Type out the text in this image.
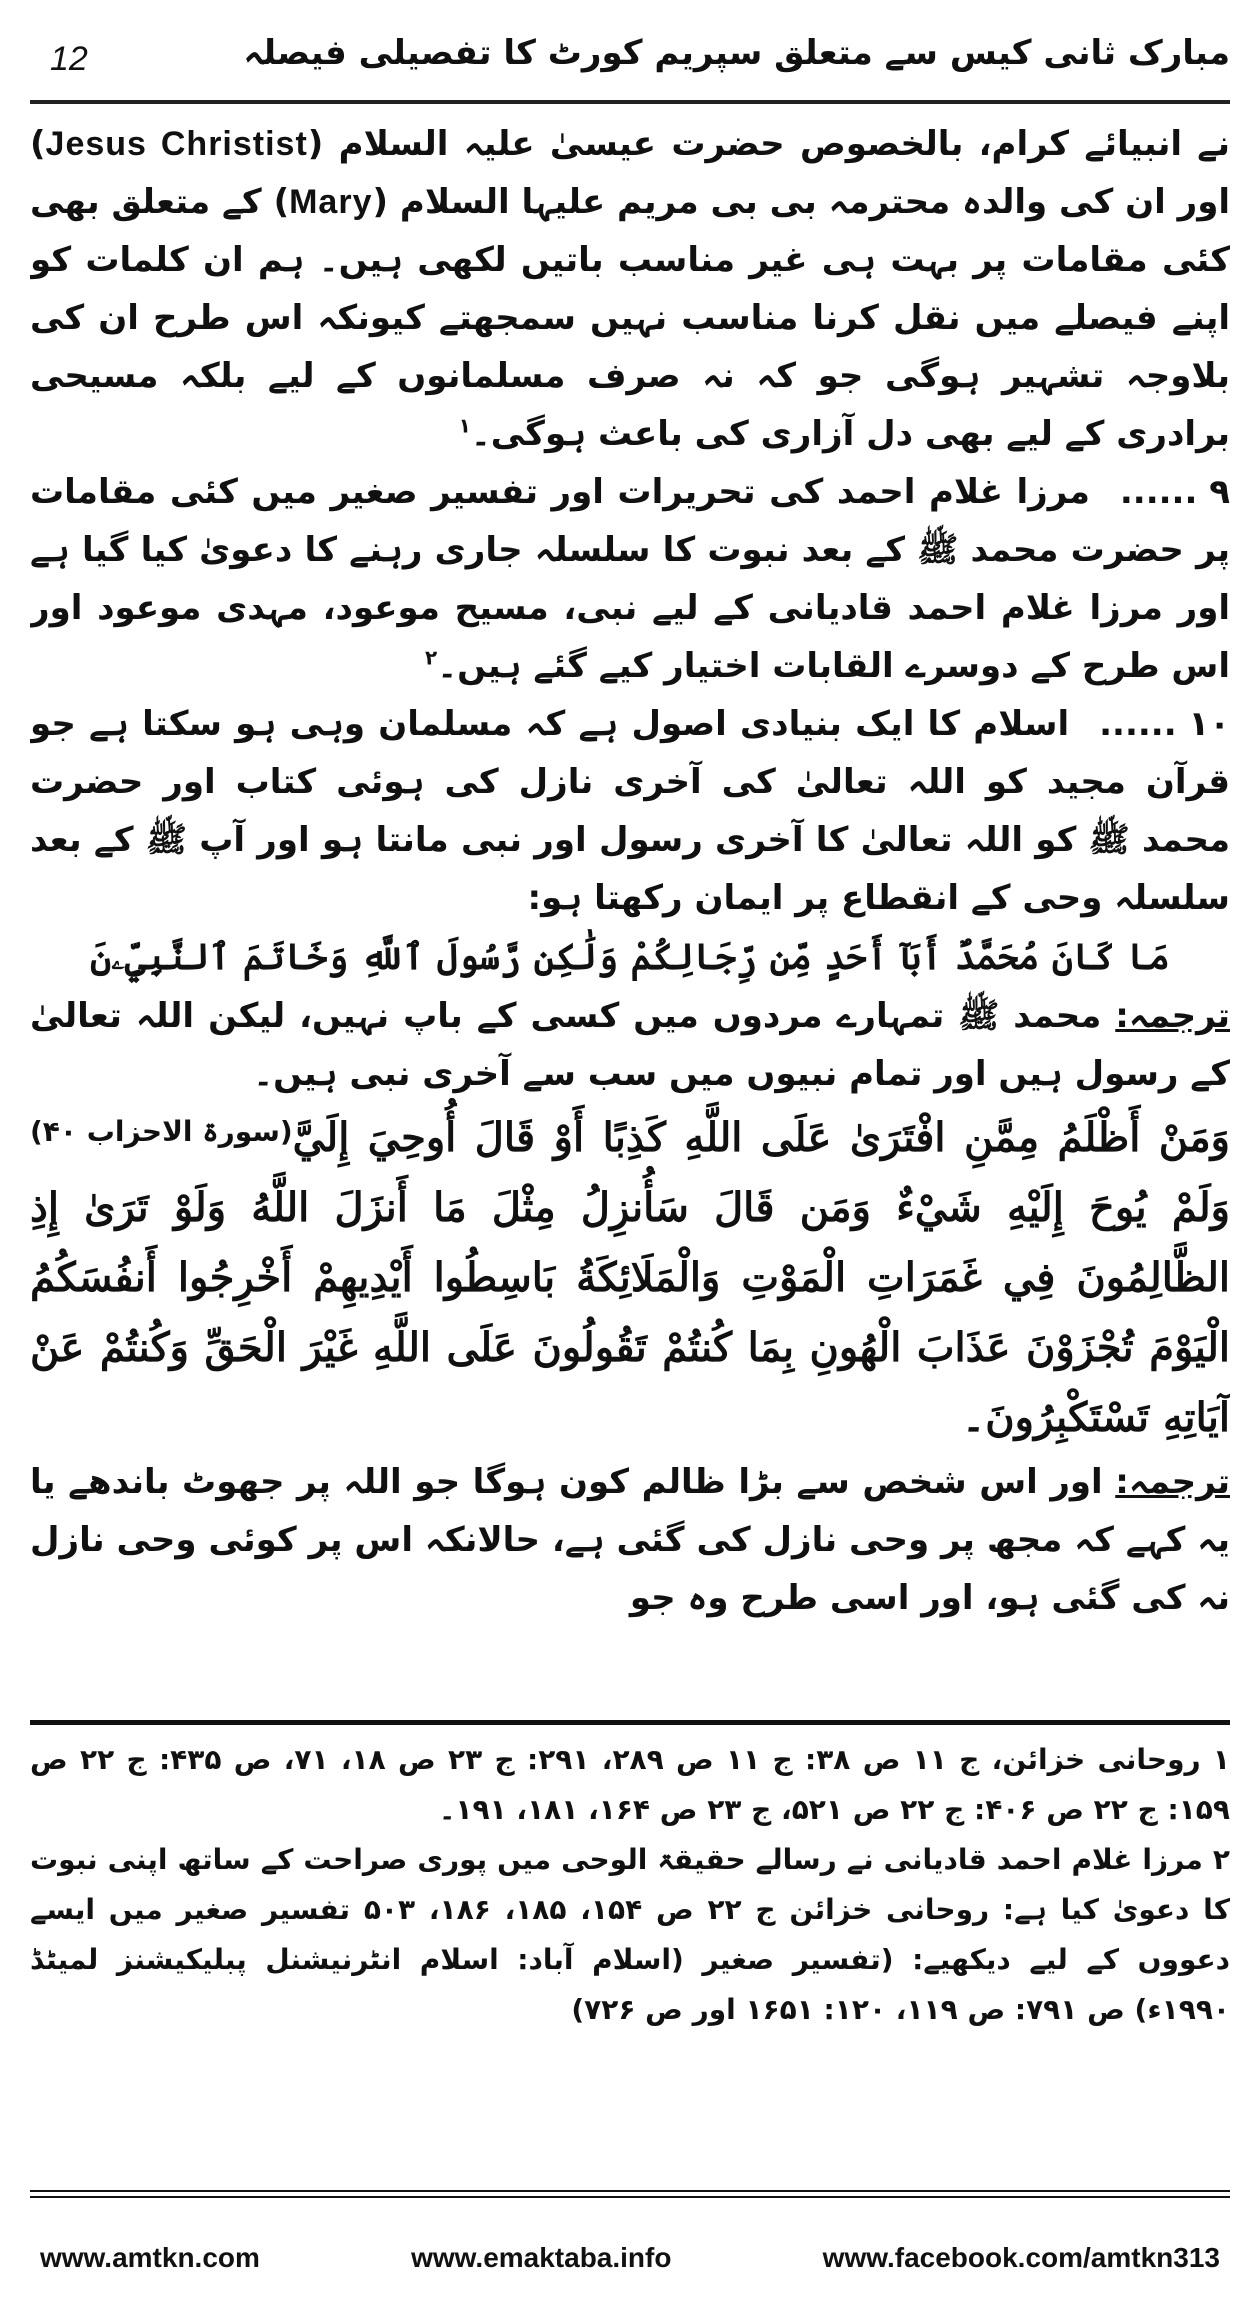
مبارک ثانی کیس سے متعلق سپریم کورٹ کا تفصیلی فیصلہ
12

نے انبیائے کرام، بالخصوص حضرت عیسیٰ علیہ السلام (Jesus Christist) اور ان کی والدہ محترمہ بی بی مریم علیہا السلام (Mary) کے متعلق بھی کئی مقامات پر بہت ہی غیر مناسب باتیں لکھی ہیں۔ ہم ان کلمات کو اپنے فیصلے میں نقل کرنا مناسب نہیں سمجھتے کیونکہ اس طرح ان کی بلاوجہ تشہیر ہوگی جو کہ نہ صرف مسلمانوں کے لیے بلکہ مسیحی برادری کے لیے بھی دل آزاری کی باعث ہوگی۔$^۱$

۹ ......مرزا غلام احمد کی تحریرات اور تفسیر صغیر میں کئی مقامات پر حضرت محمد ﷺ کے بعد نبوت کا سلسلہ جاری رہنے کا دعویٰ کیا گیا ہے اور مرزا غلام احمد قادیانی کے لیے نبی، مسیح موعود، مہدی موعود اور اس طرح کے دوسرے القابات اختیار کیے گئے ہیں۔$^۲$

۱۰ ......اسلام کا ایک بنیادی اصول ہے کہ مسلمان وہی ہو سکتا ہے جو قرآن مجید کو اللہ تعالیٰ کی آخری نازل کی ہوئی کتاب اور حضرت محمد ﷺ کو اللہ تعالیٰ کا آخری رسول اور نبی مانتا ہو اور آپ ﷺ کے بعد سلسلہ وحی کے انقطاع پر ایمان رکھتا ہو:

مَا كَانَ مُحَمَّدٌ أَبَآ أَحَدٍ مِّن رِّجَالِكُمْ وَلَٰكِن رَّسُولَ ٱللَّهِ وَخَاتَمَ ٱلنَّبِيِّۦنَ

ترجمہ: محمد ﷺ تمہارے مردوں میں کسی کے باپ نہیں، لیکن اللہ تعالیٰ کے رسول ہیں اور تمام نبیوں میں سب سے آخری نبی ہیں۔
(سورۃ الاحزاب ۴۰) وَمَنْ أَظْلَمُ مِمَّنِ افْتَرَىٰ عَلَى اللَّهِ كَذِبًا أَوْ قَالَ أُوحِيَ إِلَيَّ وَلَمْ يُوحَ إِلَيْهِ شَيْءٌ وَمَن قَالَ سَأُنزِلُ مِثْلَ مَا أَنزَلَ اللَّهُ وَلَوْ تَرَىٰ إِذِ الظَّالِمُونَ فِي غَمَرَاتِ الْمَوْتِ وَالْمَلَائِكَةُ بَاسِطُوا أَيْدِيهِمْ أَخْرِجُوا أَنفُسَكُمُ الْيَوْمَ تُجْزَوْنَ عَذَابَ الْهُونِ بِمَا كُنتُمْ تَقُولُونَ عَلَى اللَّهِ غَيْرَ الْحَقِّ وَكُنتُمْ عَنْ آيَاتِهِ تَسْتَكْبِرُونَ۔

ترجمہ: اور اس شخص سے بڑا ظالم کون ہوگا جو اللہ پر جھوٹ باندھے یا یہ کہے کہ مجھ پر وحی نازل کی گئی ہے، حالانکہ اس پر کوئی وحی نازل نہ کی گئی ہو، اور اسی طرح وہ جو

۱ روحانی خزائن، ج ۱۱ ص ۳۸: ج ۱۱ ص ۲۸۹، ۲۹۱: ج ۲۳ ص ۱۸، ۷۱، ص ۴۳۵: ج ۲۲ ص ۱۵۹: ج ۲۲ ص ۴۰۶: ج ۲۲ ص ۵۲۱، ج ۲۳ ص ۱۶۴، ۱۸۱، ۱۹۱۔

۲ مرزا غلام احمد قادیانی نے رسالے حقیقۃ الوحی میں پوری صراحت کے ساتھ اپنی نبوت کا دعویٰ کیا ہے: روحانی خزائن ج ۲۲ ص ۱۵۴، ۱۸۵، ۱۸۶، ۵۰۳ تفسیر صغیر میں ایسے دعووں کے لیے دیکھیے: (تفسیر صغیر (اسلام آباد: اسلام انٹرنیشنل پبلیکیشنز لمیٹڈ ۱۹۹۰ء) ص ۷۹۱: ص ۱۱۹، ۱۲۰: ۱۶۵۱ اور ص ۷۲۶)

www.amtkn.com	www.emaktaba.info	www.facebook.com/amtkn313
